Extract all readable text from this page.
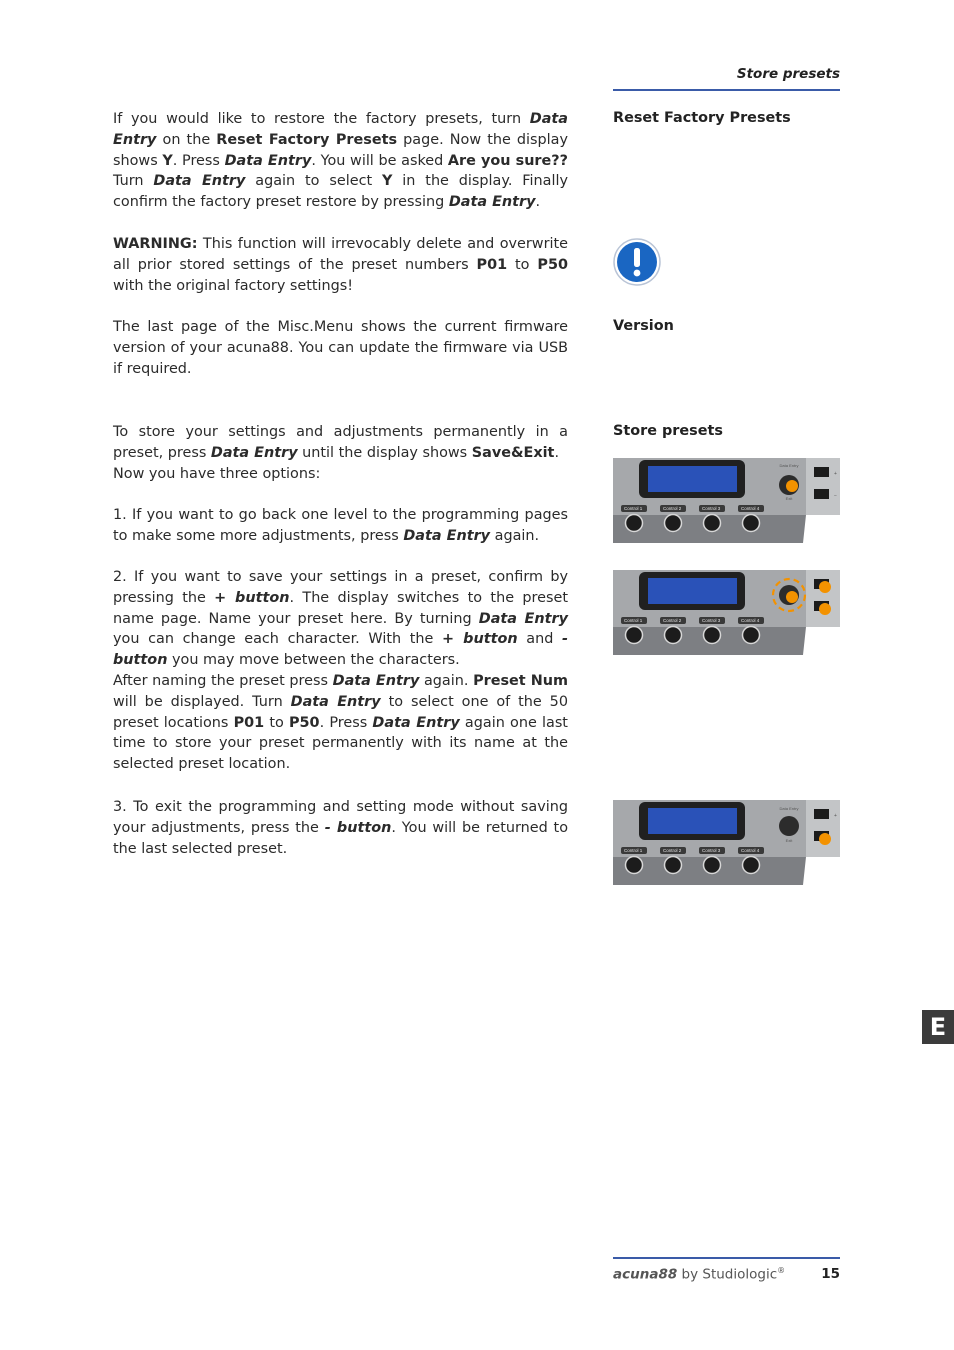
Store presets

If you would like to restore the factory presets, turn Data Entry on the Reset Factory Presets page. Now the display shows Y. Press Data Entry. You will be asked Are you sure?? Turn Data Entry again to select Y in the display. Finally confirm the factory preset restore by pressing Data Entry.

WARNING: This function will irrevocably delete and overwrite all prior stored settings of the preset numbers P01 to P50 with the original factory settings!

The last page of the Misc.Menu shows the current firmware version of your acuna88. You can update the firmware via USB if required.

To store your settings and adjustments permanently in a preset, press Data Entry until the display shows Save&Exit.

Now you have three options:

1. If you want to go back one level to the programming pages to make some more adjustments, press Data Entry again.

2. If you want to save your settings in a preset, confirm by pressing the + button. The display switches to the preset name page. Name your preset here. By turning Data Entry you can change each character. With the + button and - button you may move between the characters.

After naming the preset press Data Entry again. Preset Num will be displayed. Turn Data Entry to select one of the 50 preset locations P01 to P50. Press Data Entry again one last time to store your preset permanently with its name at the selected preset location.

3. To exit the programming and setting mode without saving your adjustments, press the - button. You will be returned to the last selected preset.

Reset Factory Presets
Version
Store presets
Data Entry
Exit
+
−
Control 1	Control 2	Control 3	Control 4
Control 1	Control 2	Control 3	Control 4
Data Entry
Exit
+
Control 1	Control 2	Control 3	Control 4
E
acuna88 by Studiologic®	15
